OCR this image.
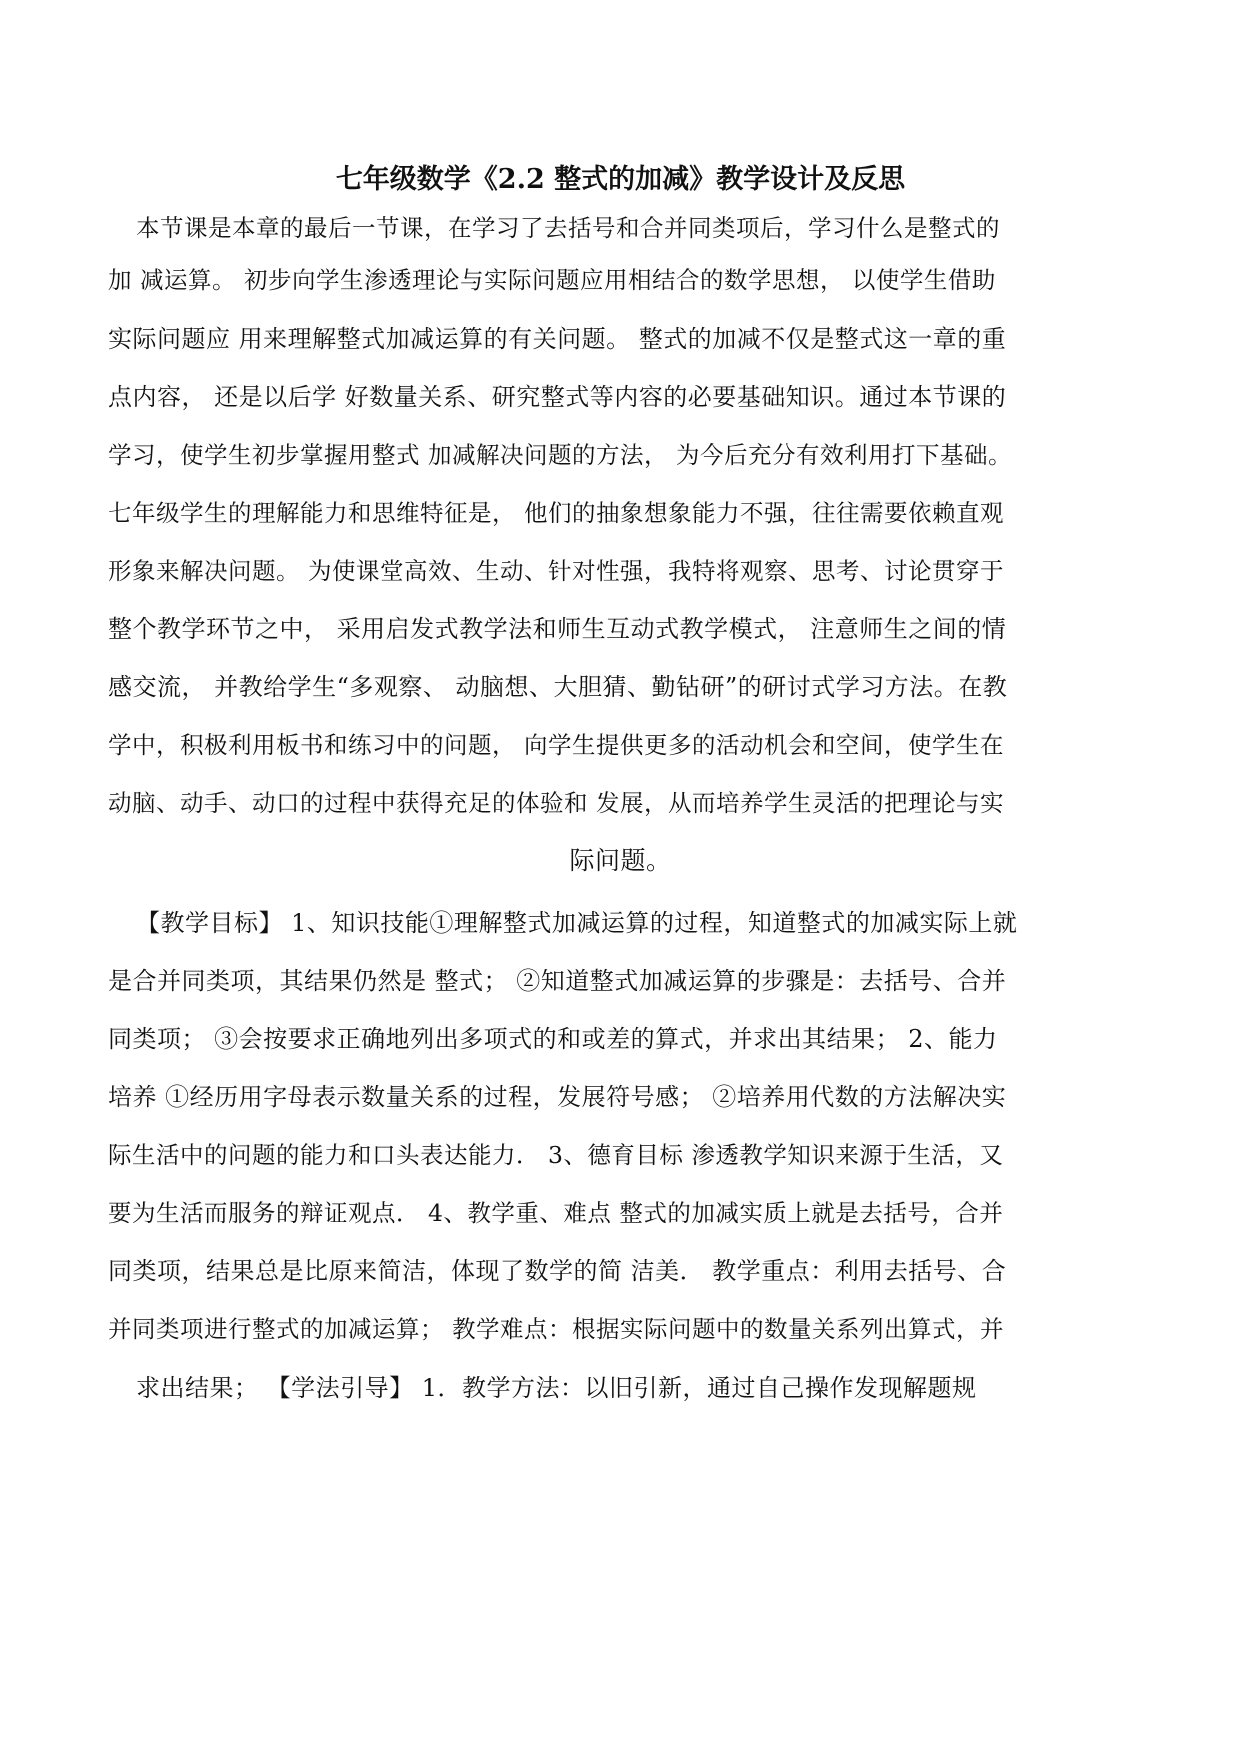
七年级数学《2.2 整式的加减》教学设计及反思
本节课是本章的最后一节课，在学习了去括号和合并同类项后，学习什么是整式的
加 减运算。 初步向学生渗透理论与实际问题应用相结合的数学思想， 以使学生借助
实际问题应 用来理解整式加减运算的有关问题。 整式的加减不仅是整式这一章的重
点内容， 还是以后学 好数量关系、研究整式等内容的必要基础知识。通过本节课的
学习，使学生初步掌握用整式 加减解决问题的方法， 为今后充分有效利用打下基础。
七年级学生的理解能力和思维特征是， 他们的抽象想象能力不强，往往需要依赖直观
形象来解决问题。 为使课堂高效、生动、针对性强，我特将观察、思考、讨论贯穿于
整个教学环节之中， 采用启发式教学法和师生互动式教学模式， 注意师生之间的情
感交流， 并教给学生“多观察、 动脑想、大胆猜、勤钻研”的研讨式学习方法。在教
学中，积极利用板书和练习中的问题， 向学生提供更多的活动机会和空间，使学生在
动脑、动手、动口的过程中获得充足的体验和 发展，从而培养学生灵活的把理论与实
际问题。
【教学目标】 1、知识技能①理解整式加减运算的过程，知道整式的加减实际上就
是合并同类项，其结果仍然是 整式； ②知道整式加减运算的步骤是：去括号、合并
同类项； ③会按要求正确地列出多项式的和或差的算式，并求出其结果； 2、能力
培养 ①经历用字母表示数量关系的过程，发展符号感； ②培养用代数的方法解决实
际生活中的问题的能力和口头表达能力． 3、德育目标 渗透教学知识来源于生活，又
要为生活而服务的辩证观点． 4、教学重、难点 整式的加减实质上就是去括号，合并
同类项，结果总是比原来简洁，体现了数学的简 洁美． 教学重点：利用去括号、合
并同类项进行整式的加减运算； 教学难点：根据实际问题中的数量关系列出算式，并
求出结果； 【学法引导】 1．教学方法：以旧引新，通过自己操作发现解题规
